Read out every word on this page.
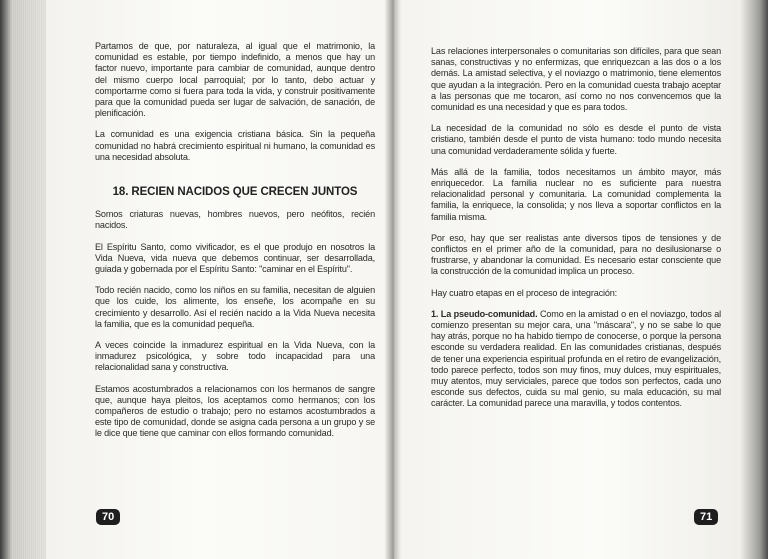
Partamos de que, por naturaleza, al igual que el matrimonio, la comunidad es estable, por tiempo indefinido, a menos que hay un factor nuevo, importante para cambiar de comunidad, aunque dentro del mismo cuerpo local parroquial; por lo tanto, debo actuar y comportarme como si fuera para toda la vida, y construir positivamente para que la comunidad pueda ser lugar de salvación, de sanación, de plenificación.

La comunidad es una exigencia cristiana básica. Sin la pequeña comunidad no habrá crecimiento espiritual ni humano, la comunidad es una necesidad absoluta.

18. RECIEN NACIDOS QUE CRECEN JUNTOS

Somos criaturas nuevas, hombres nuevos, pero neófitos, recién nacidos.

El Espíritu Santo, como vivificador, es el que produjo en nosotros la Vida Nueva, vida nueva que debemos continuar, ser desarrollada, guiada y gobernada por el Espíritu Santo: "caminar en el Espíritu".

Todo recién nacido, como los niños en su familia, necesitan de alguien que los cuide, los alimente, los enseñe, los acompañe en su crecimiento y desarrollo. Así el recién nacido a la Vida Nueva necesita la familia, que es la comunidad pequeña.

A veces coincide la inmadurez espiritual en la Vida Nueva, con la inmadurez psicológica, y sobre todo incapacidad para una relacionalidad sana y constructiva.

Estamos acostumbrados a relacionamos con los hermanos de sangre que, aunque haya pleitos, los aceptamos como hermanos; con los compañeros de estudio o trabajo; pero no estamos acostumbrados a este tipo de comunidad, donde se asigna cada persona a un grupo y se le dice que tiene que caminar con ellos formando comunidad.

70

Las relaciones interpersonales o comunitarias son difíciles, para que sean sanas, constructivas y no enfermizas, que enriquezcan a las dos o a los demás. La amistad selectiva, y el noviazgo o matrimonio, tiene elementos que ayudan a la integración. Pero en la comunidad cuesta trabajo aceptar a las personas que me tocaron, así como no nos convencemos que la comunidad es una necesidad y que es para todos.

La necesidad de la comunidad no sólo es desde el punto de vista cristiano, también desde el punto de vista humano: todo mundo necesita una comunidad verdaderamente sólida y fuerte.

Más allá de la familia, todos necesitamos un ámbito mayor, más enriquecedor. La familia nuclear no es suficiente para nuestra relacionalidad personal y comunitaria. La comunidad complementa la familia, la enriquece, la consolida; y nos lleva a soportar conflictos en la familia misma.

Por eso, hay que ser realistas ante diversos tipos de tensiones y de conflictos en el primer año de la comunidad, para no desilusionarse o frustrarse, y abandonar la comunidad. Es necesario estar consciente que la construcción de la comunidad implica un proceso.

Hay cuatro etapas en el proceso de integración:

1. La pseudo-comunidad. Como en la amistad o en el noviazgo, todos al comienzo presentan su mejor cara, una "máscara", y no se sabe lo que hay atrás, porque no ha habido tiempo de conocerse, o porque la persona esconde su verdadera realidad. En las comunidades cristianas, después de tener una experiencia espiritual profunda en el retiro de evangelización, todo parece perfecto, todos son muy finos, muy dulces, muy espirituales, muy atentos, muy serviciales, parece que todos son perfectos, cada uno esconde sus defectos, cuida su mal genio, su mala educación, su mal carácter. La comunidad parece una maravilla, y todos contentos.

71
